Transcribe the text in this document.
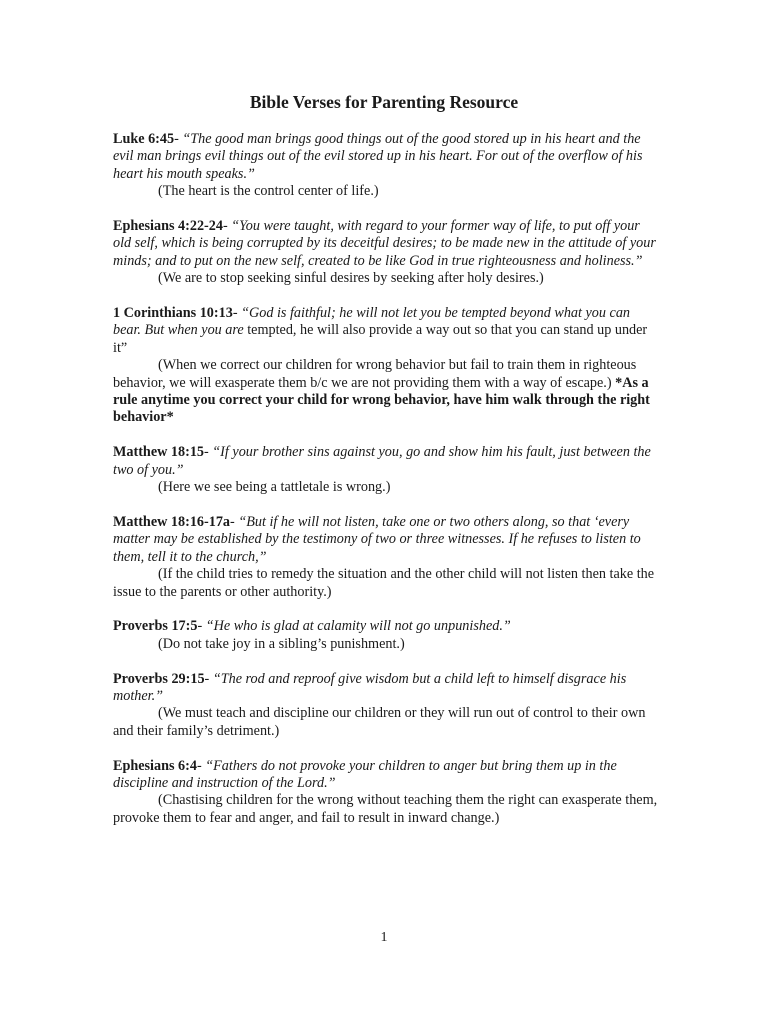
Bible Verses for Parenting Resource

Luke 6:45- “The good man brings good things out of the good stored up in his heart and the evil man brings evil things out of the evil stored up in his heart. For out of the overflow of his heart his mouth speaks.”

(The heart is the control center of life.)

Ephesians 4:22-24- “You were taught, with regard to your former way of life, to put off your old self, which is being corrupted by its deceitful desires; to be made new in the attitude of your minds; and to put on the new self, created to be like God in true righteousness and holiness.”

(We are to stop seeking sinful desires by seeking after holy desires.)

1 Corinthians 10:13- “God is faithful; he will not let you be tempted beyond what you can bear. But when you are tempted, he will also provide a way out so that you can stand up under it”

(When we correct our children for wrong behavior but fail to train them in righteous behavior, we will exasperate them b/c we are not providing them with a way of escape.) *As a rule anytime you correct your child for wrong behavior, have him walk through the right behavior*

Matthew 18:15- “If your brother sins against you, go and show him his fault, just between the two of you.”

(Here we see being a tattletale is wrong.)

Matthew 18:16-17a- “But if he will not listen, take one or two others along, so that ‘every matter may be established by the testimony of two or three witnesses. If he refuses to listen to them, tell it to the church,”

(If the child tries to remedy the situation and the other child will not listen then take the issue to the parents or other authority.)

Proverbs 17:5- “He who is glad at calamity will not go unpunished.”

(Do not take joy in a sibling’s punishment.)

Proverbs 29:15- “The rod and reproof give wisdom but a child left to himself disgrace his mother.”

(We must teach and discipline our children or they will run out of control to their own and their family’s detriment.)

Ephesians 6:4- “Fathers do not provoke your children to anger but bring them up in the discipline and instruction of the Lord.”

(Chastising children for the wrong without teaching them the right can exasperate them, provoke them to fear and anger, and fail to result in inward change.)

1
